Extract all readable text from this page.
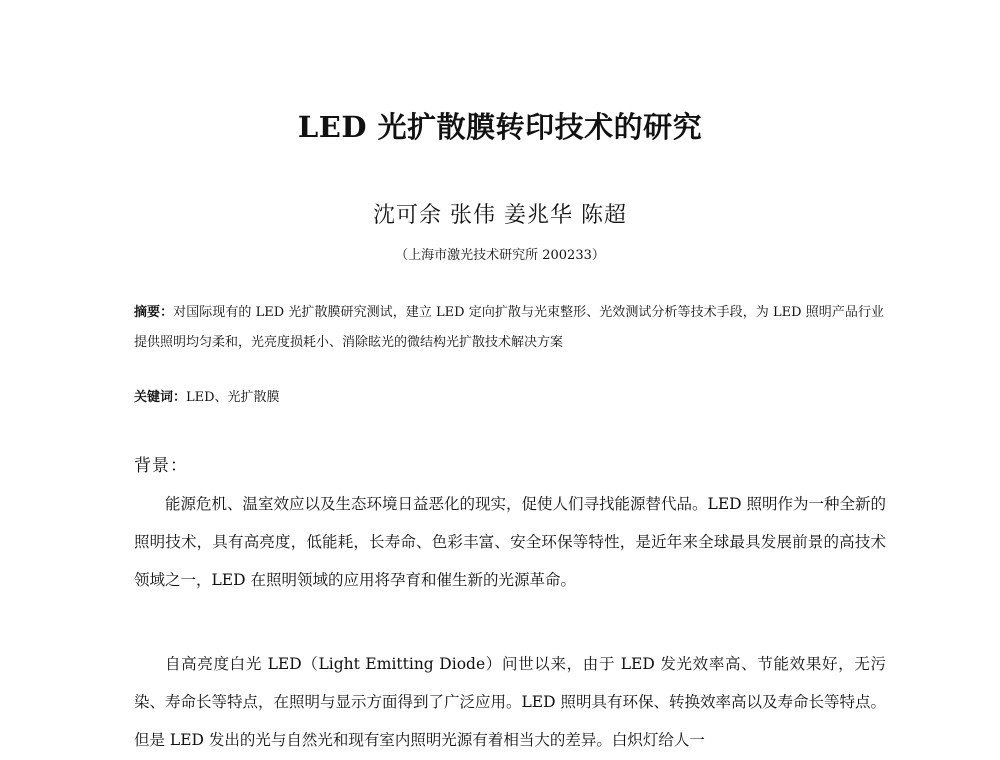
LED 光扩散膜转印技术的研究
沈可余 张伟 姜兆华 陈超
（上海市激光技术研究所 200233）
摘要：对国际现有的 LED 光扩散膜研究测试，建立 LED 定向扩散与光束整形、光效测试分析等技术手段，为 LED 照明产品行业提供照明均匀柔和，光亮度损耗小、消除眩光的微结构光扩散技术解决方案
关键词：LED、光扩散膜
背景：
能源危机、温室效应以及生态环境日益恶化的现实，促使人们寻找能源替代品。LED 照明作为一种全新的照明技术，具有高亮度，低能耗，长寿命、色彩丰富、安全环保等特性，是近年来全球最具发展前景的高技术领域之一，LED 在照明领域的应用将孕育和催生新的光源革命。
自高亮度白光 LED（Light Emitting Diode）问世以来，由于 LED 发光效率高、节能效果好，无污染、寿命长等特点，在照明与显示方面得到了广泛应用。LED 照明具有环保、转换效率高以及寿命长等特点。但是 LED 发出的光与自然光和现有室内照明光源有着相当大的差异。白炽灯给人一
